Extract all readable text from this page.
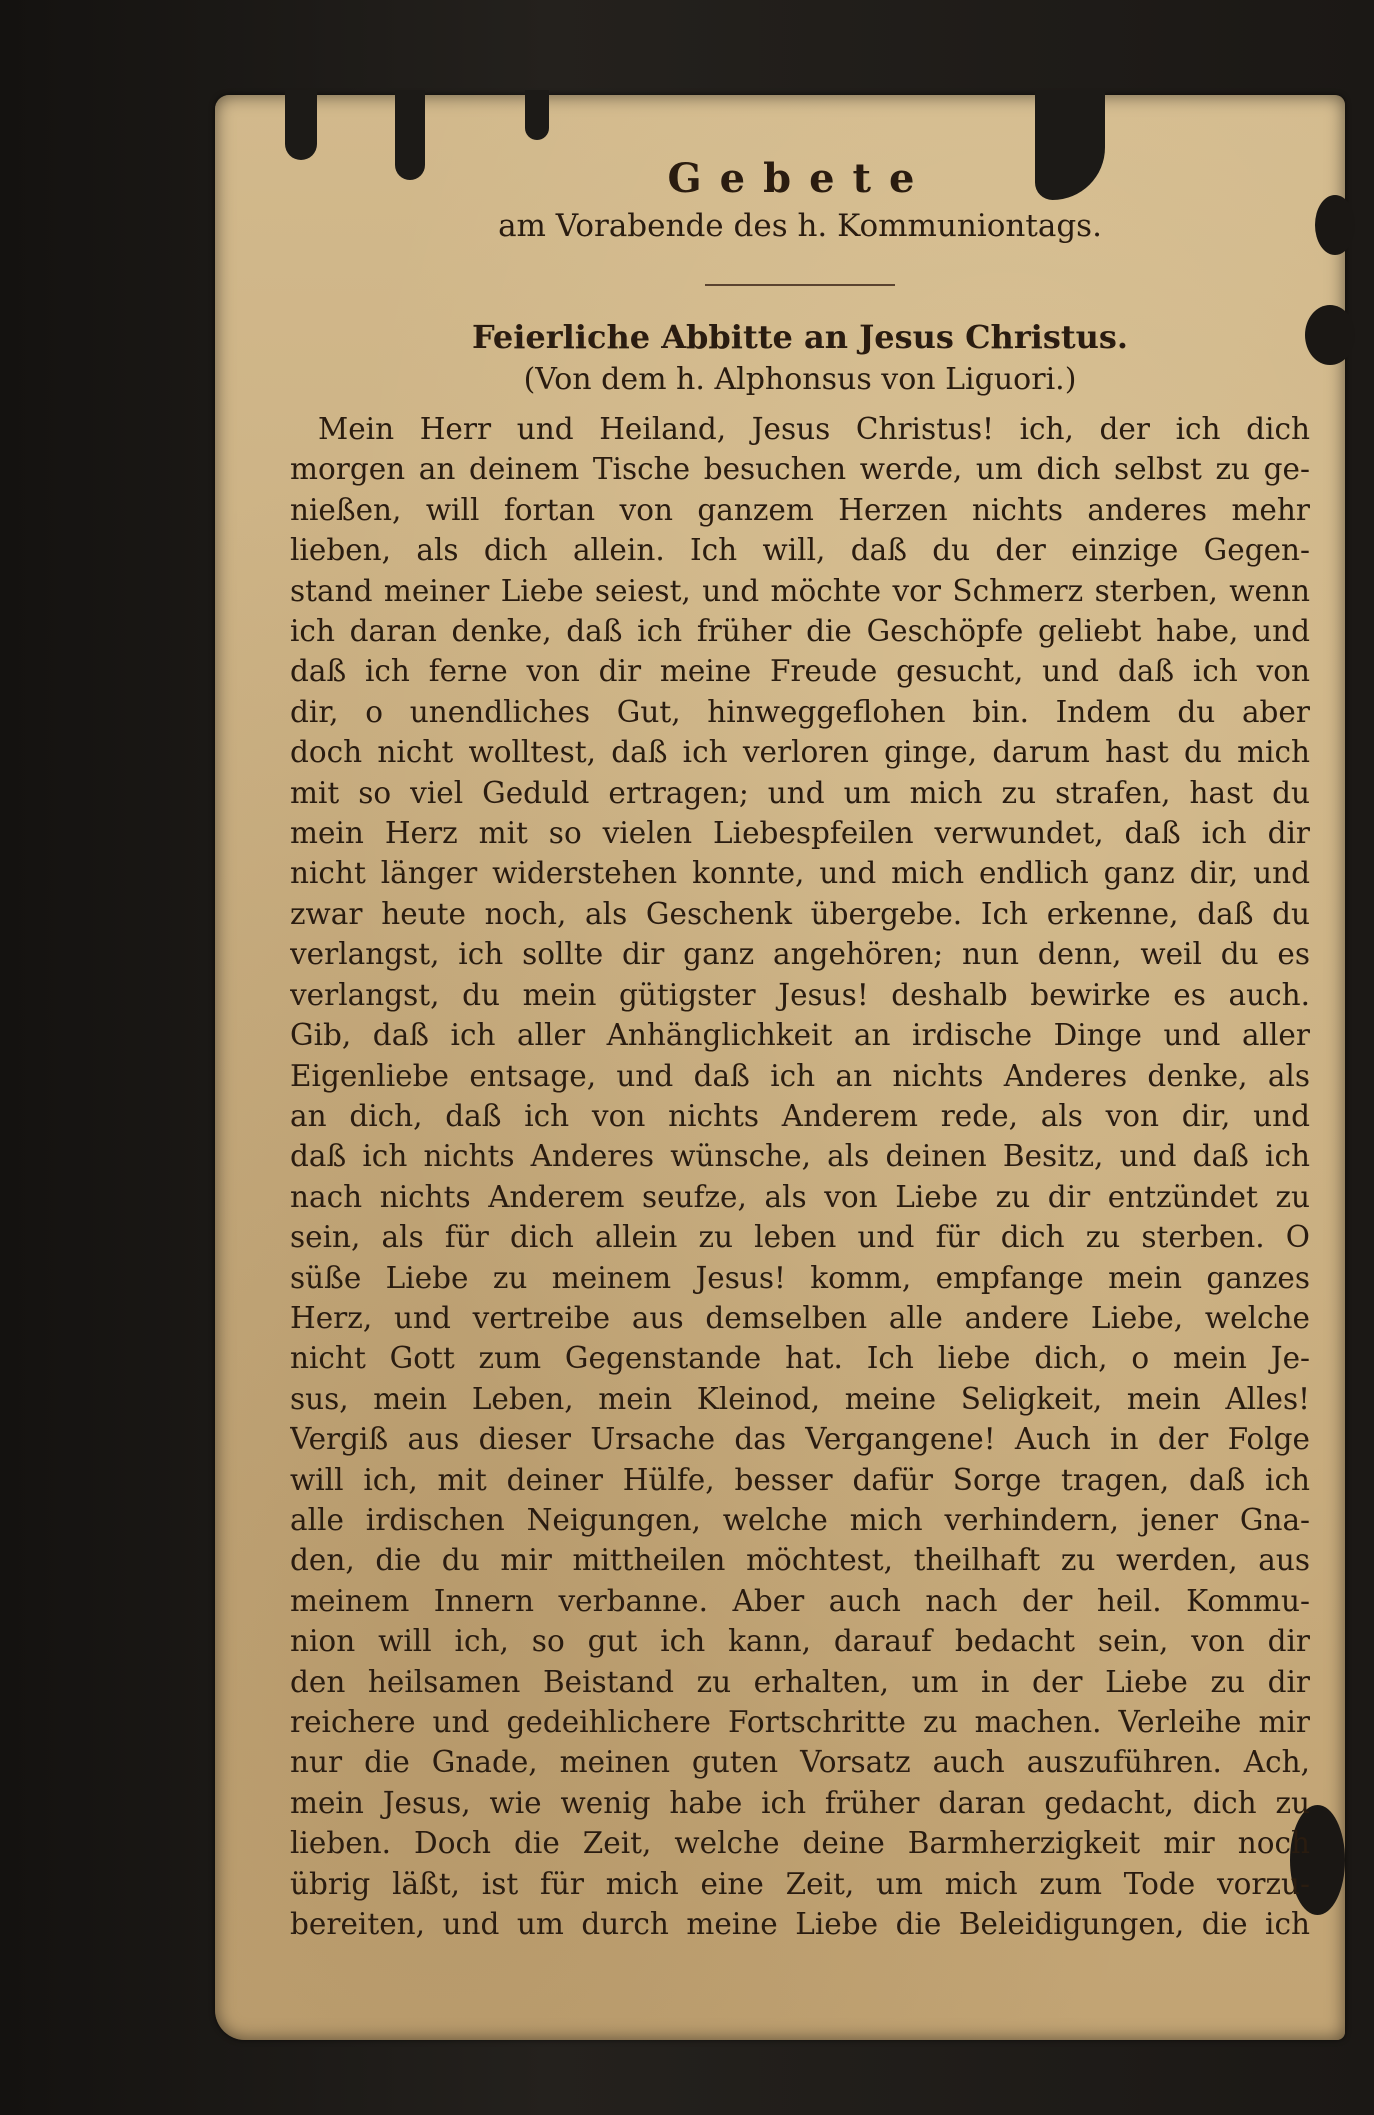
Gebete

am Vorabende des h. Kommuniontags.

Feierliche Abbitte an Jesus Christus.

(Von dem h. Alphonsus von Liguori.)

Mein Herr und Heiland, Jesus Christus! ich, der ich dich
morgen an deinem Tische besuchen werde, um dich selbst zu ge-
nießen, will fortan von ganzem Herzen nichts anderes mehr
lieben, als dich allein. Ich will, daß du der einzige Gegen-
stand meiner Liebe seiest, und möchte vor Schmerz sterben, wenn
ich daran denke, daß ich früher die Geschöpfe geliebt habe, und
daß ich ferne von dir meine Freude gesucht, und daß ich von
dir, o unendliches Gut, hinweggeflohen bin. Indem du aber
doch nicht wolltest, daß ich verloren ginge, darum hast du mich
mit so viel Geduld ertragen; und um mich zu strafen, hast du
mein Herz mit so vielen Liebespfeilen verwundet, daß ich dir
nicht länger widerstehen konnte, und mich endlich ganz dir, und
zwar heute noch, als Geschenk übergebe. Ich erkenne, daß du
verlangst, ich sollte dir ganz angehören; nun denn, weil du es
verlangst, du mein gütigster Jesus! deshalb bewirke es auch.
Gib, daß ich aller Anhänglichkeit an irdische Dinge und aller
Eigenliebe entsage, und daß ich an nichts Anderes denke, als
an dich, daß ich von nichts Anderem rede, als von dir, und
daß ich nichts Anderes wünsche, als deinen Besitz, und daß ich
nach nichts Anderem seufze, als von Liebe zu dir entzündet zu
sein, als für dich allein zu leben und für dich zu sterben. O
süße Liebe zu meinem Jesus! komm, empfange mein ganzes
Herz, und vertreibe aus demselben alle andere Liebe, welche
nicht Gott zum Gegenstande hat. Ich liebe dich, o mein Je-
sus, mein Leben, mein Kleinod, meine Seligkeit, mein Alles!
Vergiß aus dieser Ursache das Vergangene! Auch in der Folge
will ich, mit deiner Hülfe, besser dafür Sorge tragen, daß ich
alle irdischen Neigungen, welche mich verhindern, jener Gna-
den, die du mir mittheilen möchtest, theilhaft zu werden, aus
meinem Innern verbanne. Aber auch nach der heil. Kommu-
nion will ich, so gut ich kann, darauf bedacht sein, von dir
den heilsamen Beistand zu erhalten, um in der Liebe zu dir
reichere und gedeihlichere Fortschritte zu machen. Verleihe mir
nur die Gnade, meinen guten Vorsatz auch auszuführen. Ach,
mein Jesus, wie wenig habe ich früher daran gedacht, dich zu
lieben. Doch die Zeit, welche deine Barmherzigkeit mir noch
übrig läßt, ist für mich eine Zeit, um mich zum Tode vorzu-
bereiten, und um durch meine Liebe die Beleidigungen, die ich
